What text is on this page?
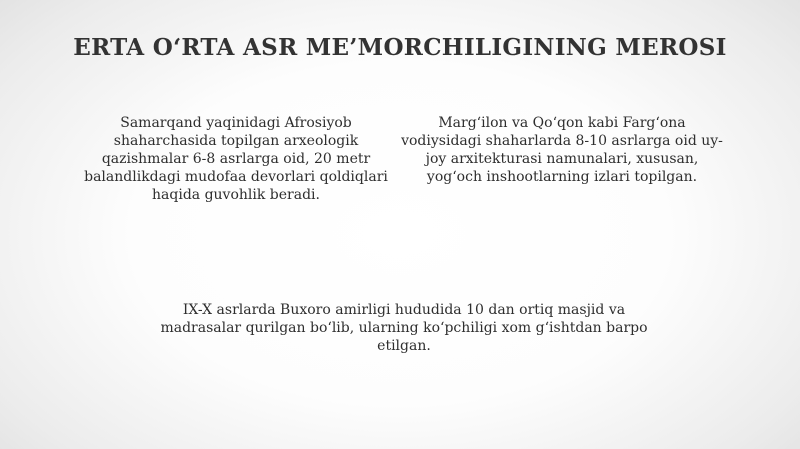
ERTA O‘RTA ASR ME’MORCHILIGINING MEROSI
Samarqand yaqinidagi Afrosiyob shaharchasida topilgan arxeologik qazishmalar 6-8 asrlarga oid, 20 metr balandlikdagi mudofaa devorlari qoldiqlari haqida guvohlik beradi.
Marg‘ilon va Qo‘qon kabi Farg‘ona vodiysidagi shaharlarda 8-10 asrlarga oid uy-joy arxitekturasi namunalari, xususan, yog‘och inshootlarning izlari topilgan.
IX-X asrlarda Buxoro amirligi hududida 10 dan ortiq masjid va madrasalar qurilgan bo‘lib, ularning ko‘pchiligi xom g‘ishtdan barpo etilgan.
